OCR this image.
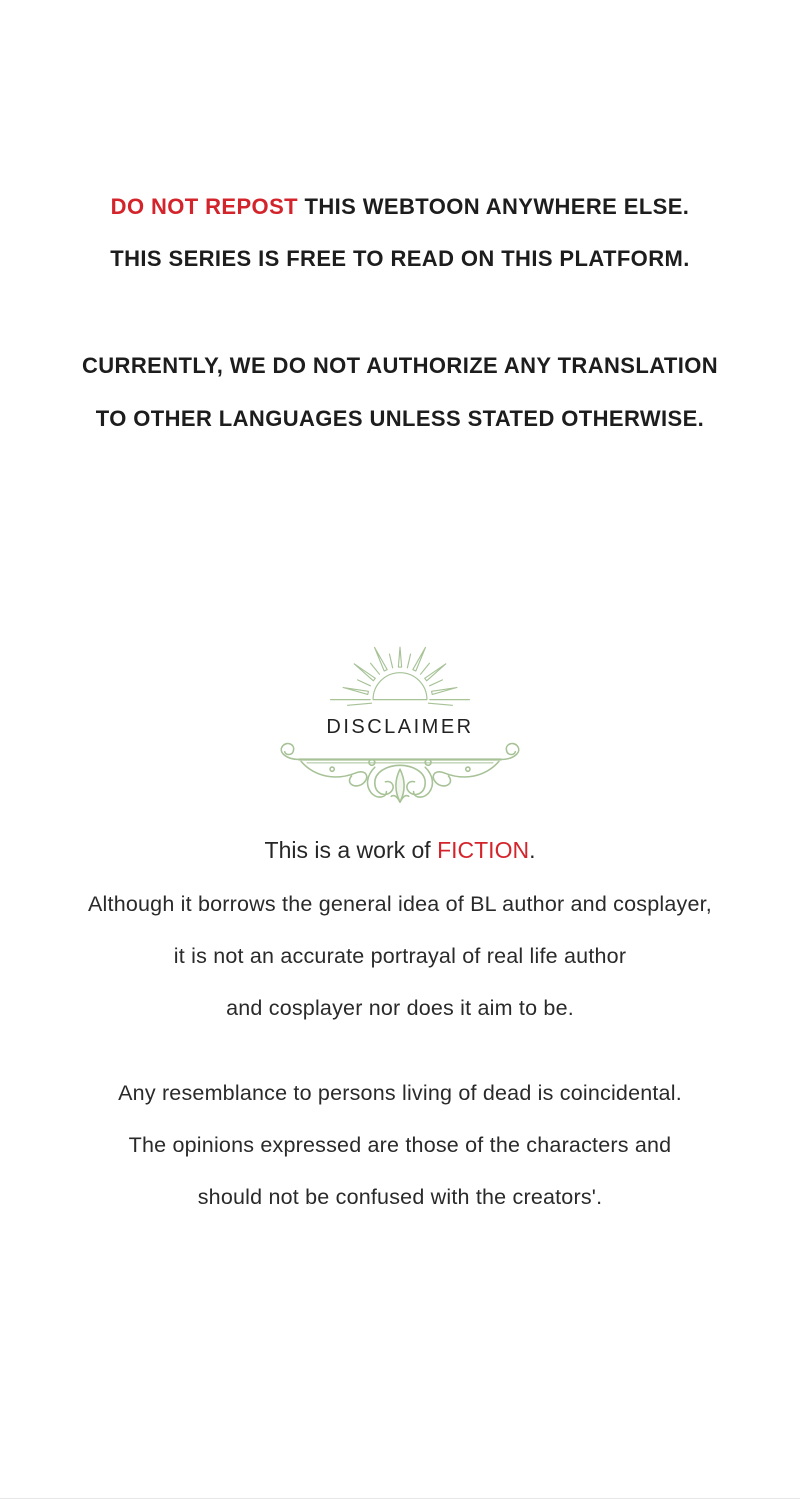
DO NOT REPOST THIS WEBTOON ANYWHERE ELSE.
THIS SERIES IS FREE TO READ ON THIS PLATFORM.
CURRENTLY, WE DO NOT AUTHORIZE ANY TRANSLATION
TO OTHER LANGUAGES UNLESS STATED OTHERWISE.
DISCLAIMER
This is a work of FICTION.
Although it borrows the general idea of BL author and cosplayer,
it is not an accurate portrayal of real life author
and cosplayer nor does it aim to be.
Any resemblance to persons living of dead is coincidental.
The opinions expressed are those of the characters and
should not be confused with the creators'.
